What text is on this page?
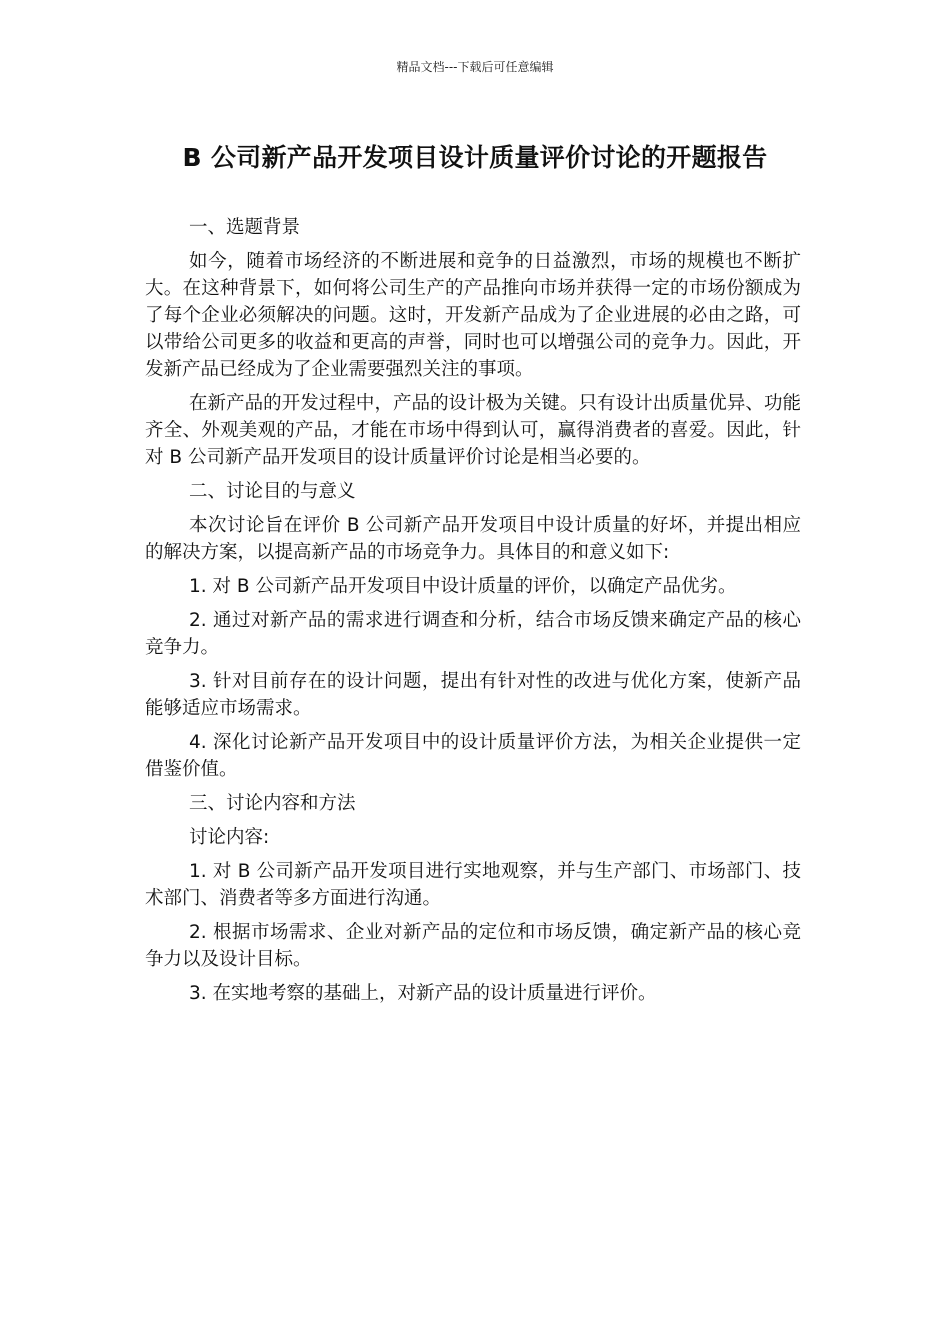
精品文档---下载后可任意编辑
B 公司新产品开发项目设计质量评价讨论的开题报告

一、选题背景

如今，随着市场经济的不断进展和竞争的日益激烈，市场的规模也不断扩大。在这种背景下，如何将公司生产的产品推向市场并获得一定的市场份额成为了每个企业必须解决的问题。这时，开发新产品成为了企业进展的必由之路，可以带给公司更多的收益和更高的声誉，同时也可以增强公司的竞争力。因此，开发新产品已经成为了企业需要强烈关注的事项。

在新产品的开发过程中，产品的设计极为关键。只有设计出质量优异、功能齐全、外观美观的产品，才能在市场中得到认可，赢得消费者的喜爱。因此，针对 B 公司新产品开发项目的设计质量评价讨论是相当必要的。

二、讨论目的与意义

本次讨论旨在评价 B 公司新产品开发项目中设计质量的好坏，并提出相应的解决方案，以提高新产品的市场竞争力。具体目的和意义如下:

1. 对 B 公司新产品开发项目中设计质量的评价，以确定产品优劣。

2. 通过对新产品的需求进行调查和分析，结合市场反馈来确定产品的核心竞争力。

3. 针对目前存在的设计问题，提出有针对性的改进与优化方案，使新产品能够适应市场需求。

4. 深化讨论新产品开发项目中的设计质量评价方法，为相关企业提供一定借鉴价值。

三、讨论内容和方法

讨论内容:

1. 对 B 公司新产品开发项目进行实地观察，并与生产部门、市场部门、技术部门、消费者等多方面进行沟通。

2. 根据市场需求、企业对新产品的定位和市场反馈，确定新产品的核心竞争力以及设计目标。

3. 在实地考察的基础上，对新产品的设计质量进行评价。
